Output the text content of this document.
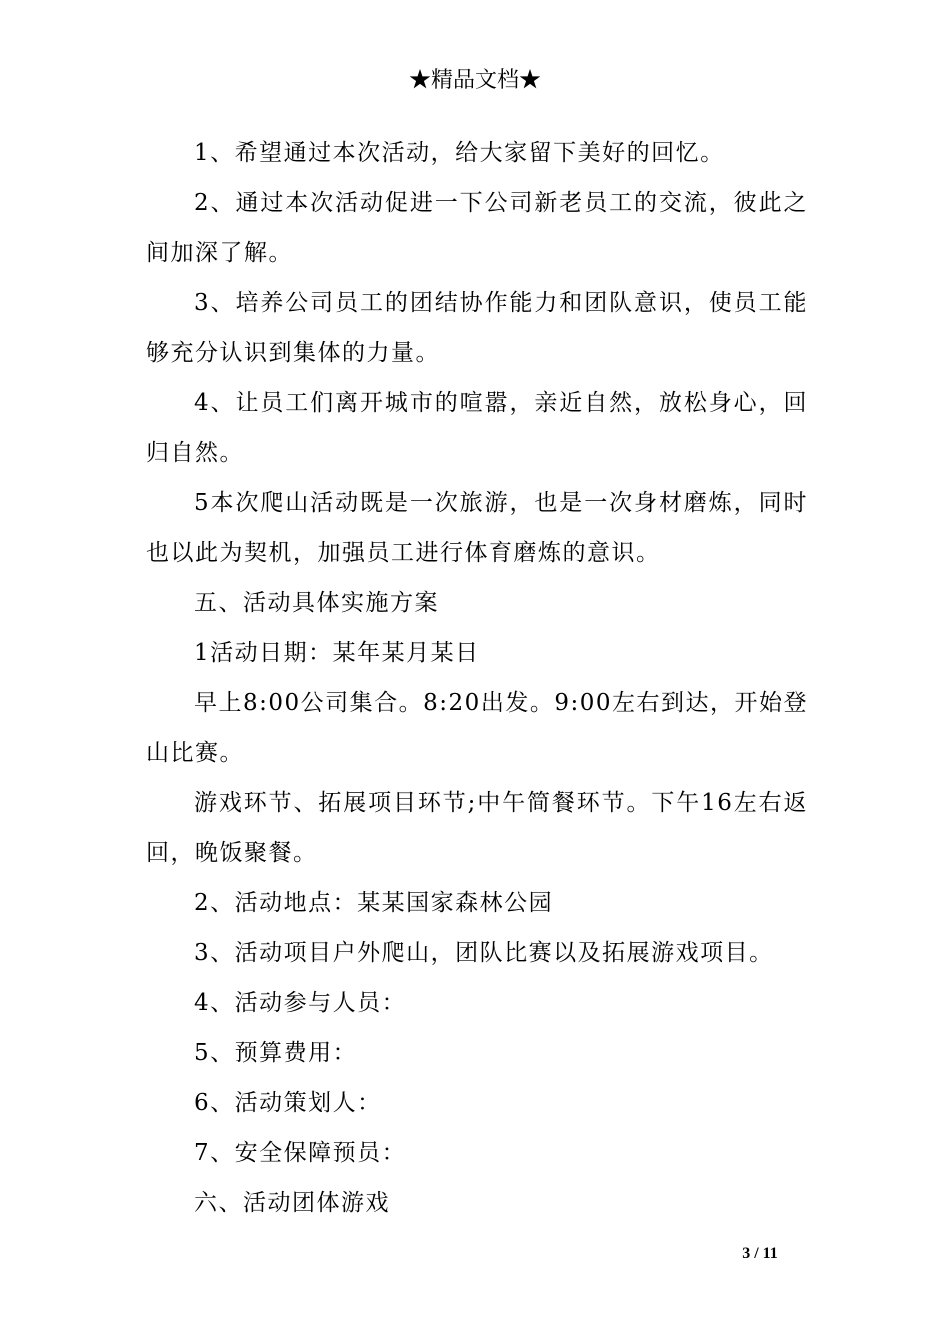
★精品文档★

1、希望通过本次活动，给大家留下美好的回忆。

2、通过本次活动促进一下公司新老员工的交流，彼此之间加深了解。

3、培养公司员工的团结协作能力和团队意识，使员工能够充分认识到集体的力量。

4、让员工们离开城市的喧嚣，亲近自然，放松身心，回归自然。

5本次爬山活动既是一次旅游，也是一次身材磨炼，同时也以此为契机，加强员工进行体育磨炼的意识。

五、活动具体实施方案

1活动日期：某年某月某日

早上8:00公司集合。8:20出发。9:00左右到达，开始登山比赛。

游戏环节、拓展项目环节;中午简餐环节。下午16左右返回，晚饭聚餐。

2、活动地点：某某国家森林公园

3、活动项目户外爬山，团队比赛以及拓展游戏项目。

4、活动参与人员：

5、预算费用：

6、活动策划人：

7、安全保障预员：

六、活动团体游戏

3 / 11
